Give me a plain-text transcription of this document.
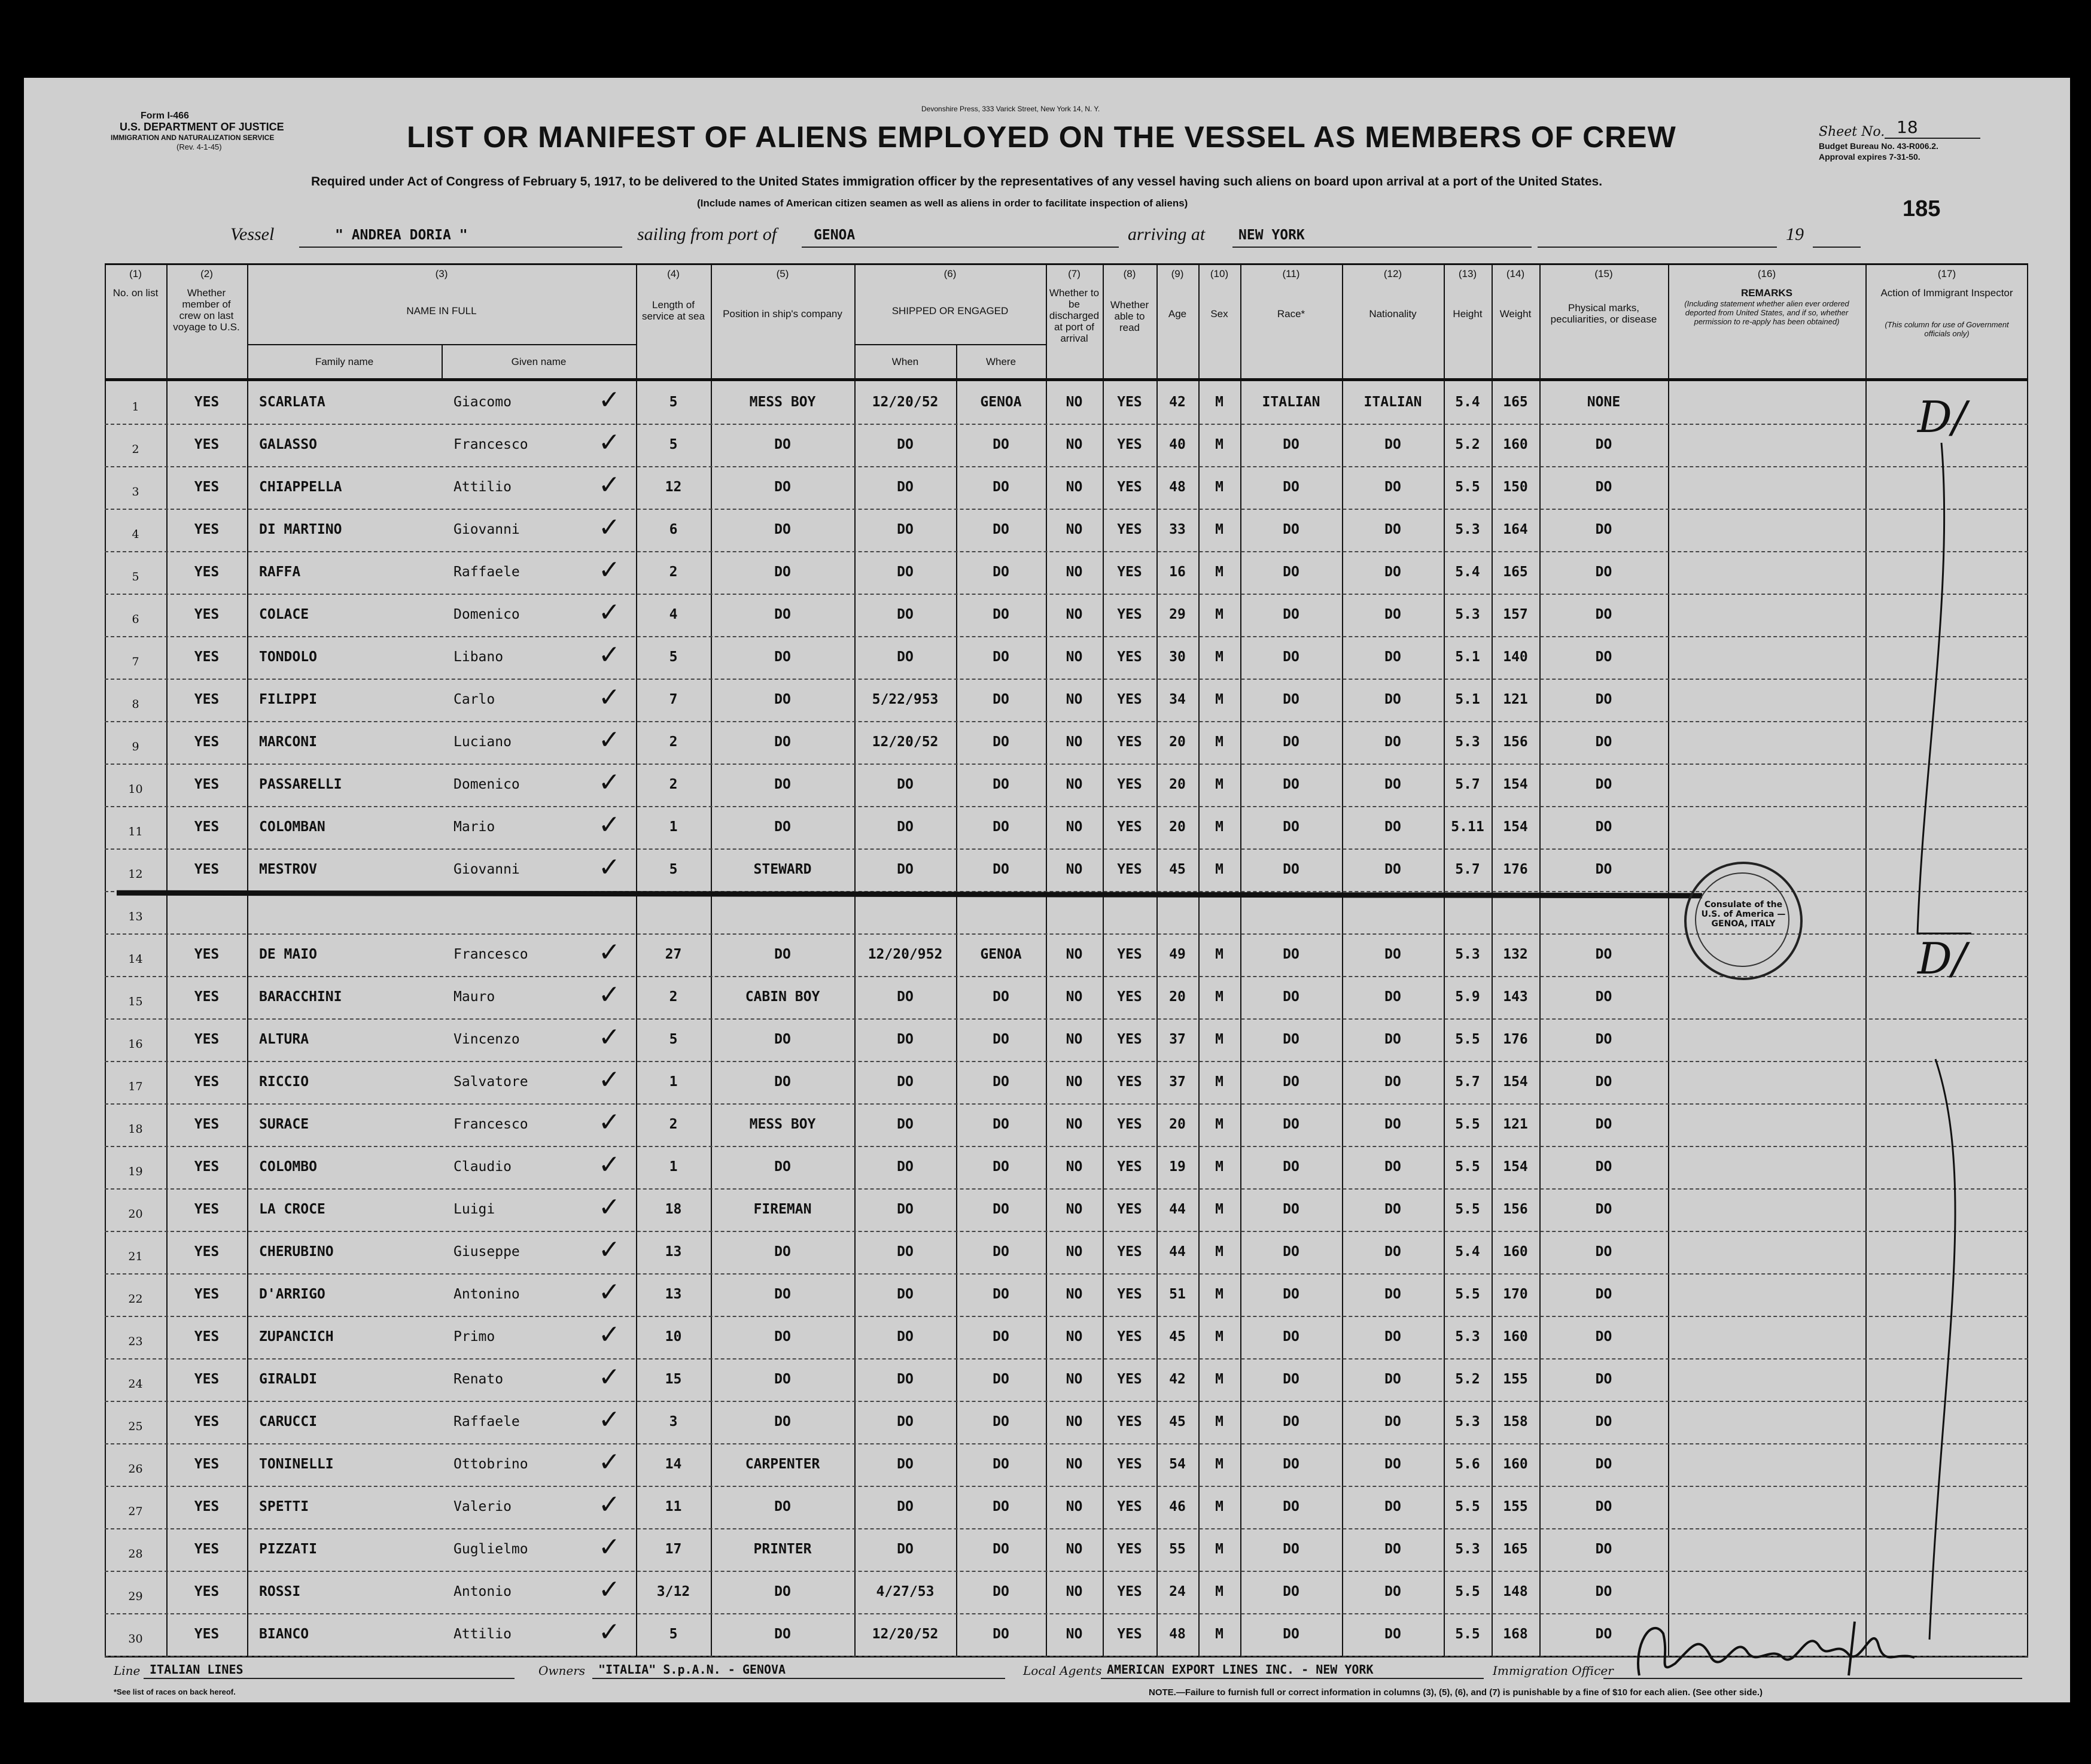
Form I-466
U.S. DEPARTMENT OF JUSTICE
IMMIGRATION AND NATURALIZATION SERVICE
(Rev. 4-1-45)
Devonshire Press, 333 Varick Street, New York 14, N. Y.
LIST OR MANIFEST OF ALIENS EMPLOYED ON THE VESSEL AS MEMBERS OF CREW
Required under Act of Congress of February 5, 1917, to be delivered to the United States immigration officer by the representatives of any vessel having such aliens on board upon arrival at a port of the United States.
(Include names of American citizen seamen as well as aliens in order to facilitate inspection of aliens)
Sheet No. 18
Budget Bureau No. 43-R006.2.
Approval expires 7-31-50.
185
Vessel	" ANDREA DORIA "	sailing from port of	GENOA	arriving at NEW YORK	19
(1)
No. on list
(2)
Whether member of crew on last voyage to U.S.
(3)
NAME IN FULL
Family name	Given name
(4)
Length of service at sea
(5)
Position in ship's company
(6)
SHIPPED OR ENGAGED
When	Where
(7)
Whether to be discharged at port of arrival
(8)
Whether able to read
(9)
Age
(10)
Sex
(11)
Race*
(12)
Nationality
(13)
Height
(14)
Weight
(15)
Physical marks, peculiarities, or disease
(16)
REMARKS
(Including statement whether alien ever ordered deported from United States, and if so, whether permission to re-apply has been obtained)
(17)
Action of Immigrant Inspector
(This column for use of Government officials only)
1	YES	SCARLATA	Giacomo	5	MESS BOY	12/20/52	GENOA	NO	YES	42	M	ITALIAN	ITALIAN	5.4	165	NONE
✓
2	YES	GALASSO	Francesco	5	DO	DO	DO	NO	YES	40	M	DO	DO	5.2	160	DO
✓
3	YES	CHIAPPELLA	Attilio	12	DO	DO	DO	NO	YES	48	M	DO	DO	5.5	150	DO
✓
4	YES	DI MARTINO	Giovanni	6	DO	DO	DO	NO	YES	33	M	DO	DO	5.3	164	DO
✓
5	YES	RAFFA	Raffaele	2	DO	DO	DO	NO	YES	16	M	DO	DO	5.4	165	DO
✓
6	YES	COLACE	Domenico	4	DO	DO	DO	NO	YES	29	M	DO	DO	5.3	157	DO
✓
7	YES	TONDOLO	Libano	5	DO	DO	DO	NO	YES	30	M	DO	DO	5.1	140	DO
✓
8	YES	FILIPPI	Carlo	7	DO	5/22/953	DO	NO	YES	34	M	DO	DO	5.1	121	DO
✓
9	YES	MARCONI	Luciano	2	DO	12/20/52	DO	NO	YES	20	M	DO	DO	5.3	156	DO
✓
10	YES	PASSARELLI	Domenico	2	DO	DO	DO	NO	YES	20	M	DO	DO	5.7	154	DO
✓
11	YES	COLOMBAN	Mario	1	DO	DO	DO	NO	YES	20	M	DO	DO	5.11	154	DO
✓
12	YES	MESTROV	Giovanni	5	STEWARD	DO	DO	NO	YES	45	M	DO	DO	5.7	176	DO
✓
13
14	YES	DE MAIO	Francesco	27	DO	12/20/952	GENOA	NO	YES	49	M	DO	DO	5.3	132	DO
✓
15	YES	BARACCHINI	Mauro	2	CABIN BOY	DO	DO	NO	YES	20	M	DO	DO	5.9	143	DO
✓
16	YES	ALTURA	Vincenzo	5	DO	DO	DO	NO	YES	37	M	DO	DO	5.5	176	DO
✓
17	YES	RICCIO	Salvatore	1	DO	DO	DO	NO	YES	37	M	DO	DO	5.7	154	DO
✓
18	YES	SURACE	Francesco	2	MESS BOY	DO	DO	NO	YES	20	M	DO	DO	5.5	121	DO
✓
19	YES	COLOMBO	Claudio	1	DO	DO	DO	NO	YES	19	M	DO	DO	5.5	154	DO
✓
20	YES	LA CROCE	Luigi	18	FIREMAN	DO	DO	NO	YES	44	M	DO	DO	5.5	156	DO
✓
21	YES	CHERUBINO	Giuseppe	13	DO	DO	DO	NO	YES	44	M	DO	DO	5.4	160	DO
✓
22	YES	D'ARRIGO	Antonino	13	DO	DO	DO	NO	YES	51	M	DO	DO	5.5	170	DO
✓
23	YES	ZUPANCICH	Primo	10	DO	DO	DO	NO	YES	45	M	DO	DO	5.3	160	DO
✓
24	YES	GIRALDI	Renato	15	DO	DO	DO	NO	YES	42	M	DO	DO	5.2	155	DO
✓
25	YES	CARUCCI	Raffaele	3	DO	DO	DO	NO	YES	45	M	DO	DO	5.3	158	DO
✓
26	YES	TONINELLI	Ottobrino	14	CARPENTER	DO	DO	NO	YES	54	M	DO	DO	5.6	160	DO
✓
27	YES	SPETTI	Valerio	11	DO	DO	DO	NO	YES	46	M	DO	DO	5.5	155	DO
✓
28	YES	PIZZATI	Guglielmo	17	PRINTER	DO	DO	NO	YES	55	M	DO	DO	5.3	165	DO
✓
29	YES	ROSSI	Antonio	3/12	DO	4/27/53	DO	NO	YES	24	M	DO	DO	5.5	148	DO
✓
30	YES	BIANCO	Attilio	5	DO	12/20/52	DO	NO	YES	48	M	DO	DO	5.5	168	DO
✓
Consulate of the U.S. of America — GENOA, ITALY
D/
D/
Line ITALIAN LINES	Owners "ITALIA" S.p.A.N. - GENOVA	Local Agents AMERICAN EXPORT LINES INC. - NEW YORK	Immigration Officer
*See list of races on back hereof.	NOTE.—Failure to furnish full or correct information in columns (3), (5), (6), and (7) is punishable by a fine of $10 for each alien. (See other side.)
